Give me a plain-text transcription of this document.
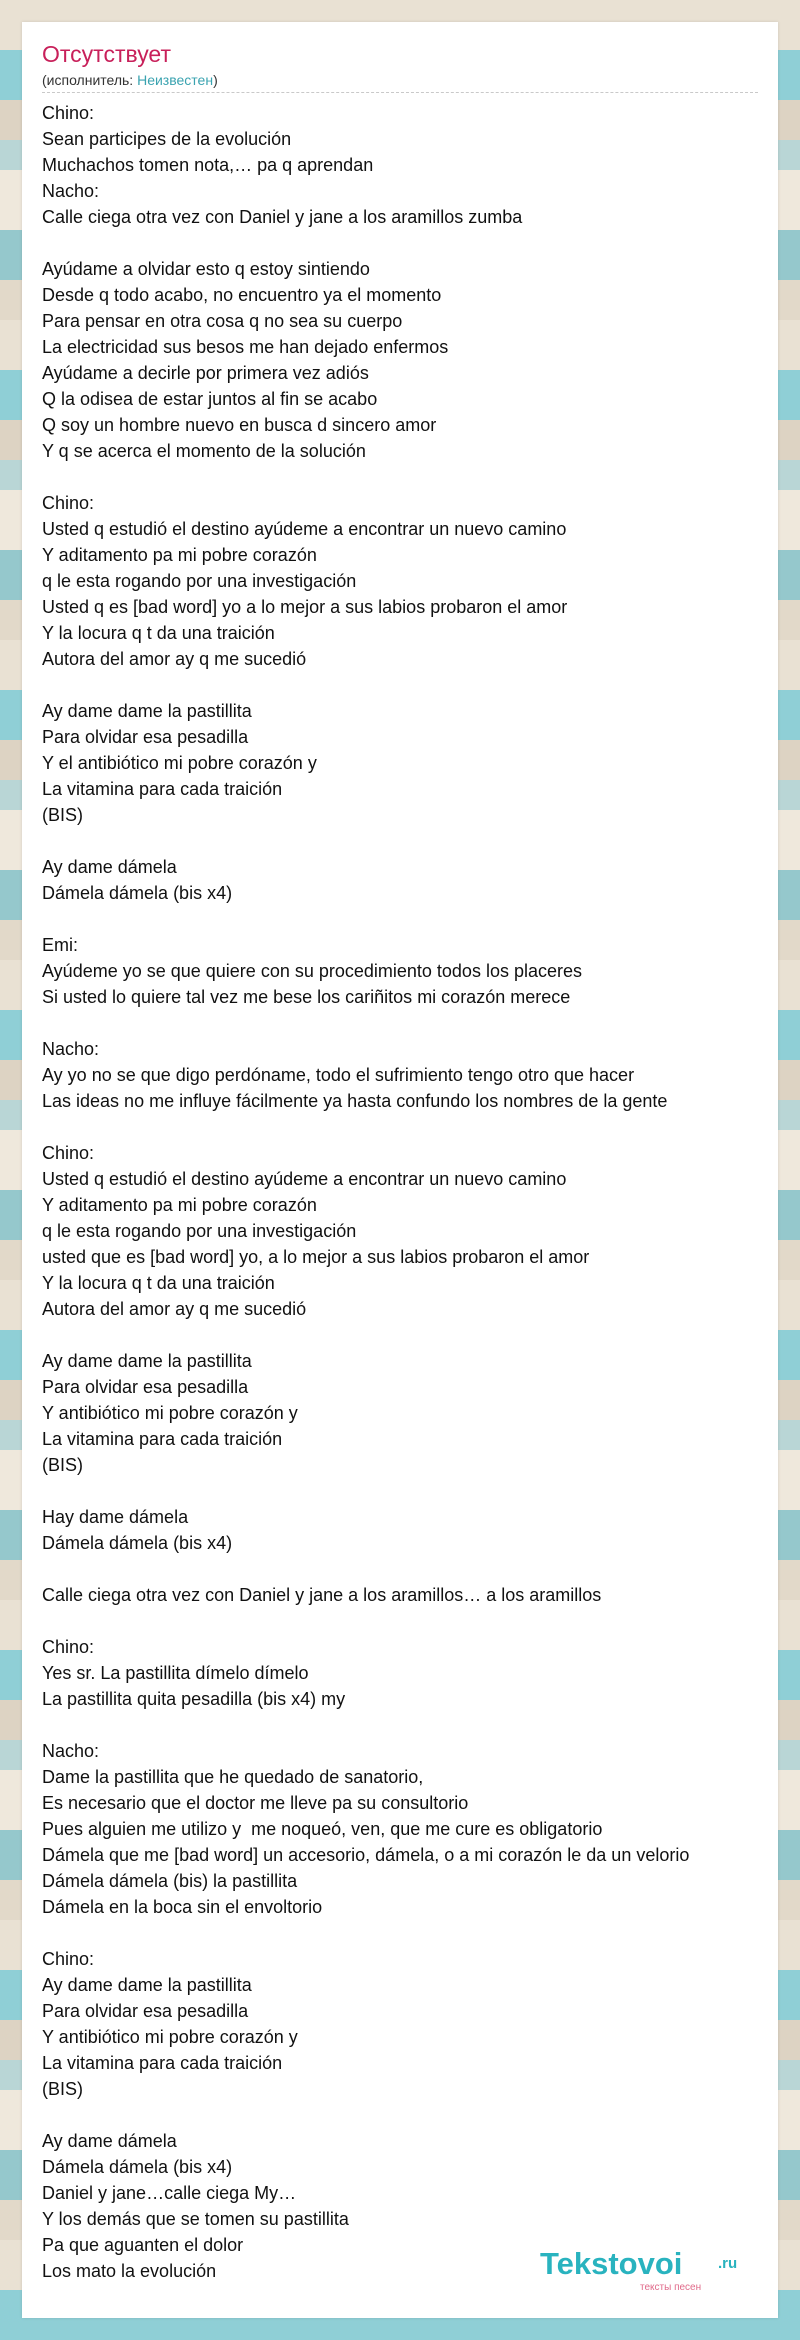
Отсутствует
(исполнитель: Неизвестен)
Chino:
Sean participes de la evolución
Muchachos tomen nota,… pa q aprendan
Nacho:
Calle ciega otra vez con Daniel y jane a los aramillos zumba
Ayúdame a olvidar esto q estoy sintiendo
Desde q todo acabo, no encuentro ya el momento
Para pensar en otra cosa q no sea su cuerpo
La electricidad sus besos me han dejado enfermos
Ayúdame a decirle por primera vez adiós
Q la odisea de estar juntos al fin se acabo
Q soy un hombre nuevo en busca d sincero amor
Y q se acerca el momento de la solución
Chino:
Usted q estudió el destino ayúdeme a encontrar un nuevo camino
Y aditamento pa mi pobre corazón
q le esta rogando por una investigación
Usted q es [bad word] yo a lo mejor a sus labios probaron el amor
Y la locura q t da una traición
Autora del amor ay q me sucedió
Ay dame dame la pastillita
Para olvidar esa pesadilla
Y el antibiótico mi pobre corazón y
La vitamina para cada traición
(BIS)
Ay dame dámela
Dámela dámela (bis x4)
Emi:
Ayúdeme yo se que quiere con su procedimiento todos los placeres
Si usted lo quiere tal vez me bese los cariñitos mi corazón merece
Nacho:
Ay yo no se que digo perdóname, todo el sufrimiento tengo otro que hacer
Las ideas no me influye fácilmente ya hasta confundo los nombres de la gente
Chino:
Usted q estudió el destino ayúdeme a encontrar un nuevo camino
Y aditamento pa mi pobre corazón
q le esta rogando por una investigación
usted que es [bad word] yo, a lo mejor a sus labios probaron el amor
Y la locura q t da una traición
Autora del amor ay q me sucedió
Ay dame dame la pastillita
Para olvidar esa pesadilla
Y antibiótico mi pobre corazón y
La vitamina para cada traición
(BIS)
Hay dame dámela
Dámela dámela (bis x4)
Calle ciega otra vez con Daniel y jane a los aramillos… a los aramillos
Chino:
Yes sr. La pastillita dímelo dímelo
La pastillita quita pesadilla (bis x4) my
Nacho:
Dame la pastillita que he quedado de sanatorio,
Es necesario que el doctor me lleve pa su consultorio
Pues alguien me utilizo y  me noqueó, ven, que me cure es obligatorio
Dámela que me [bad word] un accesorio, dámela, o a mi corazón le da un velorio
Dámela dámela (bis) la pastillita
Dámela en la boca sin el envoltorio
Chino:
Ay dame dame la pastillita
Para olvidar esa pesadilla
Y antibiótico mi pobre corazón y
La vitamina para cada traición
(BIS)
Ay dame dámela
Dámela dámela (bis x4)
Daniel y jane…calle ciega My…
Y los demás que se tomen su pastillita
Pa que aguanten el dolor
Los mato la evolución	Tekstovoi .ru
тексты песен
